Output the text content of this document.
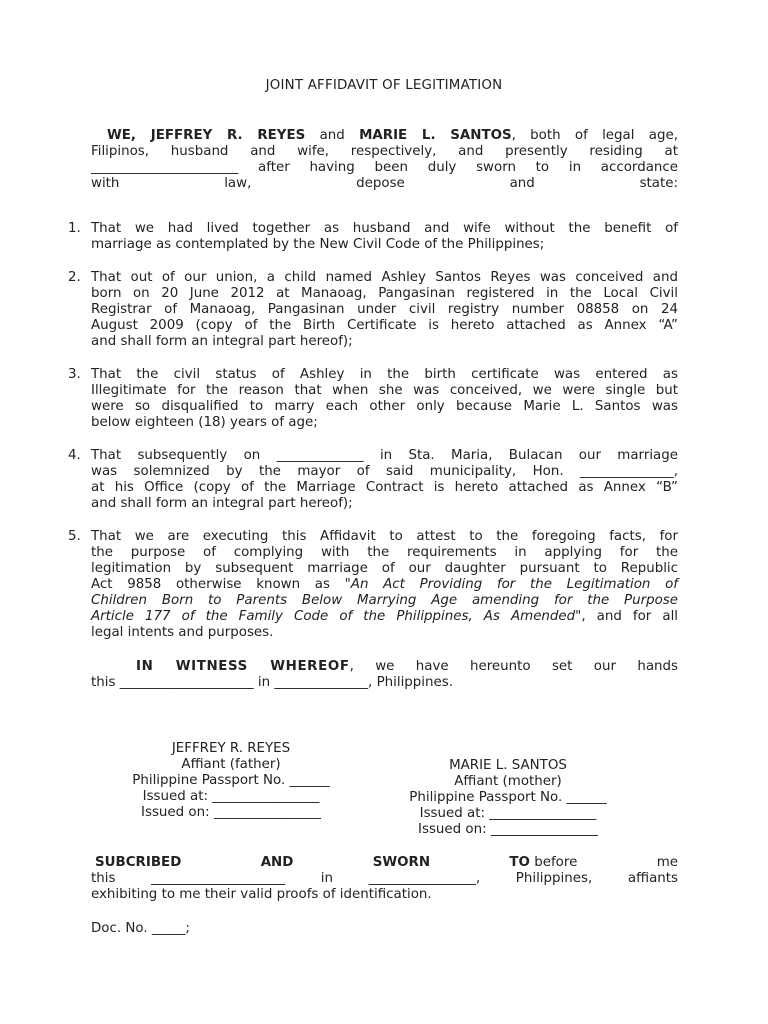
JOINT AFFIDAVIT OF LEGITIMATION
WE, JEFFREY R. REYES and MARIE L. SANTOS, both of legal age,
Filipinos, husband and wife, respectively, and presently residing at
______________________ after having been duly sworn to in accordance
with law, depose and state:
1. That we had lived together as husband and wife without the benefit of
marriage as contemplated by the New Civil Code of the Philippines;
2. That out of our union, a child named Ashley Santos Reyes was conceived and
born on 20 June 2012 at Manaoag, Pangasinan registered in the Local Civil
Registrar of Manaoag, Pangasinan under civil registry number 08858 on 24
August 2009 (copy of the Birth Certificate is hereto attached as Annex “A”
and shall form an integral part hereof);
3. That the civil status of Ashley in the birth certificate was entered as
Illegitimate for the reason that when she was conceived, we were single but
were so disqualified to marry each other only because Marie L. Santos was
below eighteen (18) years of age;
4. That subsequently on _____________ in Sta. Maria, Bulacan our marriage
was solemnized by the mayor of said municipality, Hon. ______________,
at his Office (copy of the Marriage Contract is hereto attached as Annex “B”
and shall form an integral part hereof);
5. That we are executing this Affidavit to attest to the foregoing facts, for
the purpose of complying with the requirements in applying for the
legitimation by subsequent marriage of our daughter pursuant to Republic
Act 9858 otherwise known as "An Act Providing for the Legitimation of
Children Born to Parents Below Marrying Age amending for the Purpose
Article 177 of the Family Code of the Philippines, As Amended", and for all
legal intents and purposes.
IN WITNESS WHEREOF, we have hereunto set our hands
this ____________________ in ______________, Philippines.
JEFFREY R. REYES
Affiant (father)
Philippine Passport No. ______
Issued at: ________________
Issued on: ________________
MARIE L. SANTOS
Affiant (mother)
Philippine Passport No. ______
Issued at: ________________
Issued on: ________________
SUBCRIBED	AND	SWORN	TO before	me
this ____________________ in ________________, Philippines, affiants
exhibiting to me their valid proofs of identification.
Doc. No. _____;
